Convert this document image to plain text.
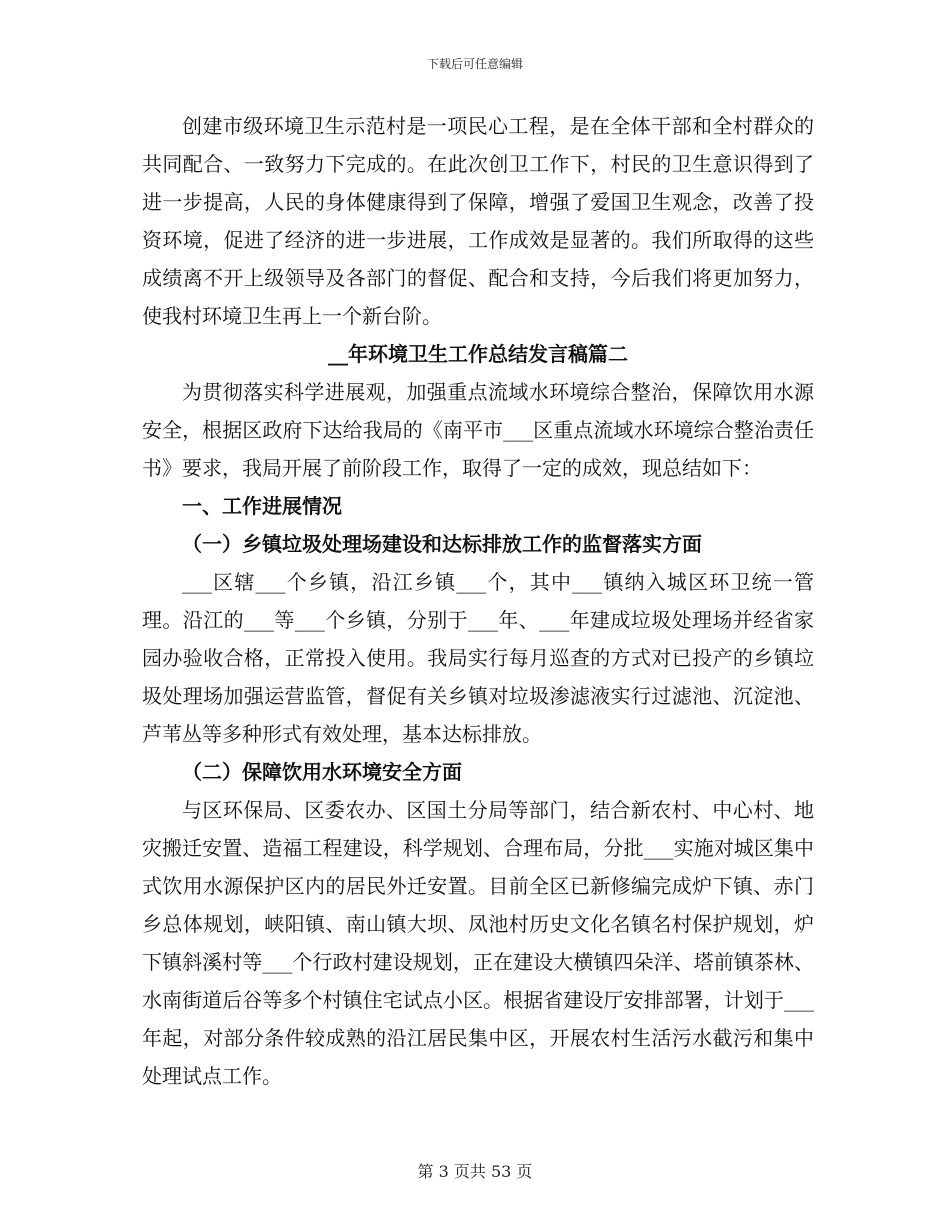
下载后可任意编辑

创建市级环境卫生示范村是一项民心工程，是在全体干部和全村群众的共同配合、一致努力下完成的。在此次创卫工作下，村民的卫生意识得到了进一步提高，人民的身体健康得到了保障，增强了爱国卫生观念，改善了投资环境，促进了经济的进一步进展，工作成效是显著的。我们所取得的这些成绩离不开上级领导及各部门的督促、配合和支持，今后我们将更加努力，使我村环境卫生再上一个新台阶。

__年环境卫生工作总结发言稿篇二

为贯彻落实科学进展观，加强重点流域水环境综合整治，保障饮用水源安全，根据区政府下达给我局的《南平市___区重点流域水环境综合整治责任书》要求，我局开展了前阶段工作，取得了一定的成效，现总结如下：

一、工作进展情况

（一）乡镇垃圾处理场建设和达标排放工作的监督落实方面

___区辖___个乡镇，沿江乡镇___个，其中___镇纳入城区环卫统一管理。沿江的___等___个乡镇，分别于___年、___年建成垃圾处理场并经省家园办验收合格，正常投入使用。我局实行每月巡查的方式对已投产的乡镇垃圾处理场加强运营监管，督促有关乡镇对垃圾渗滤液实行过滤池、沉淀池、芦苇丛等多种形式有效处理，基本达标排放。

（二）保障饮用水环境安全方面

与区环保局、区委农办、区国土分局等部门，结合新农村、中心村、地灾搬迁安置、造福工程建设，科学规划、合理布局，分批___实施对城区集中式饮用水源保护区内的居民外迁安置。目前全区已新修编完成炉下镇、赤门乡总体规划，峡阳镇、南山镇大坝、凤池村历史文化名镇名村保护规划，炉下镇斜溪村等___个行政村建设规划，正在建设大横镇四朵洋、塔前镇茶林、水南街道后谷等多个村镇住宅试点小区。根据省建设厅安排部署，计划于___年起，对部分条件较成熟的沿江居民集中区，开展农村生活污水截污和集中处理试点工作。

第 3 页共 53 页
